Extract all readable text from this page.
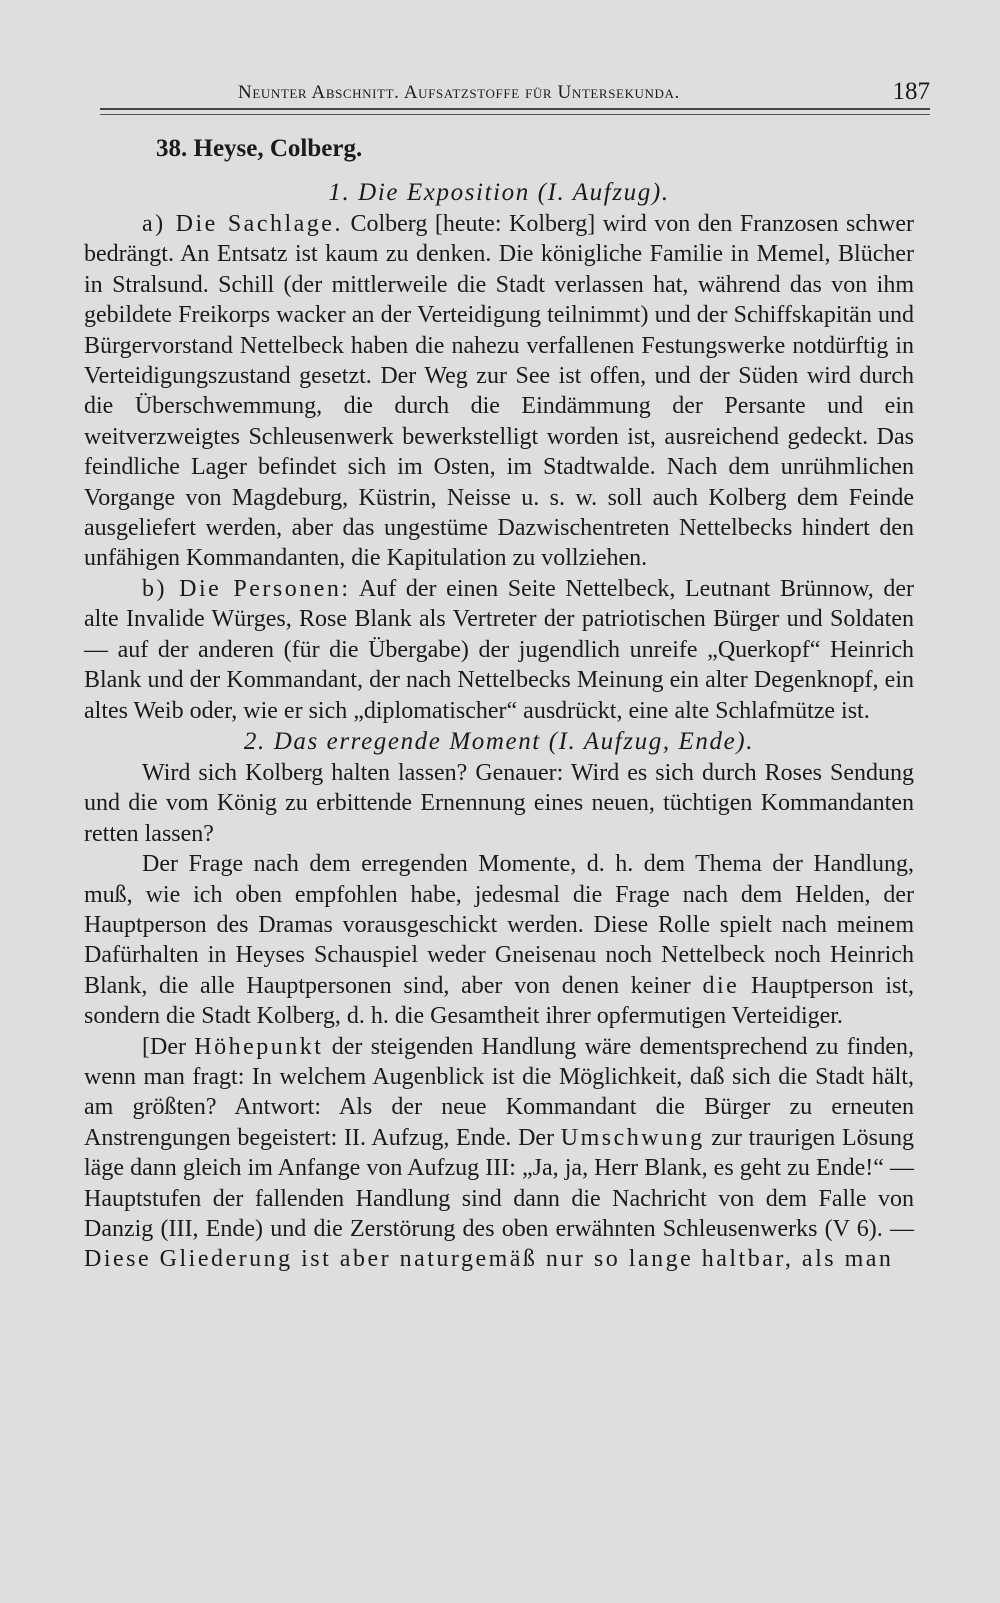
Neunter Abschnitt. Aufsatzstoffe für Untersekunda.	187
38. Heyse, Colberg.
1. Die Exposition (I. Aufzug).

a) Die Sachlage. Colberg [heute: Kolberg] wird von den Franzosen schwer bedrängt. An Entsatz ist kaum zu denken. Die königliche Familie in Memel, Blücher in Stralsund. Schill (der mittlerweile die Stadt verlassen hat, während das von ihm gebildete Freikorps wacker an der Verteidigung teilnimmt) und der Schiffskapitän und Bürgervorstand Nettelbeck haben die nahezu verfallenen Festungswerke notdürftig in Verteidigungszustand gesetzt. Der Weg zur See ist offen, und der Süden wird durch die Überschwemmung, die durch die Eindämmung der Persante und ein weitverzweigtes Schleusenwerk bewerkstelligt worden ist, ausreichend gedeckt. Das feindliche Lager befindet sich im Osten, im Stadtwalde. Nach dem unrühmlichen Vorgange von Magdeburg, Küstrin, Neisse u. s. w. soll auch Kolberg dem Feinde ausgeliefert werden, aber das ungestüme Dazwischentreten Nettelbecks hindert den unfähigen Kommandanten, die Kapitulation zu vollziehen.

b) Die Personen: Auf der einen Seite Nettelbeck, Leutnant Brünnow, der alte Invalide Würges, Rose Blank als Vertreter der patriotischen Bürger und Soldaten — auf der anderen (für die Übergabe) der jugendlich unreife „Querkopf“ Heinrich Blank und der Kommandant, der nach Nettelbecks Meinung ein alter Degenknopf, ein altes Weib oder, wie er sich „diplomatischer“ ausdrückt, eine alte Schlafmütze ist.

2. Das erregende Moment (I. Aufzug, Ende).

Wird sich Kolberg halten lassen? Genauer: Wird es sich durch Roses Sendung und die vom König zu erbittende Ernennung eines neuen, tüchtigen Kommandanten retten lassen?

Der Frage nach dem erregenden Momente, d. h. dem Thema der Handlung, muß, wie ich oben empfohlen habe, jedesmal die Frage nach dem Helden, der Hauptperson des Dramas vorausgeschickt werden. Diese Rolle spielt nach meinem Dafürhalten in Heyses Schauspiel weder Gneisenau noch Nettelbeck noch Heinrich Blank, die alle Hauptpersonen sind, aber von denen keiner die Hauptperson ist, sondern die Stadt Kolberg, d. h. die Gesamtheit ihrer opfermutigen Verteidiger.

[Der Höhepunkt der steigenden Handlung wäre dementsprechend zu finden, wenn man fragt: In welchem Augenblick ist die Möglichkeit, daß sich die Stadt hält, am größten? Antwort: Als der neue Kommandant die Bürger zu erneuten Anstrengungen begeistert: II. Aufzug, Ende. Der Umschwung zur traurigen Lösung läge dann gleich im Anfange von Aufzug III: „Ja, ja, Herr Blank, es geht zu Ende!“ — Hauptstufen der fallenden Handlung sind dann die Nachricht von dem Falle von Danzig (III, Ende) und die Zerstörung des oben erwähnten Schleusenwerks (V 6). — Diese Gliederung ist aber naturgemäß nur so lange haltbar, als man
